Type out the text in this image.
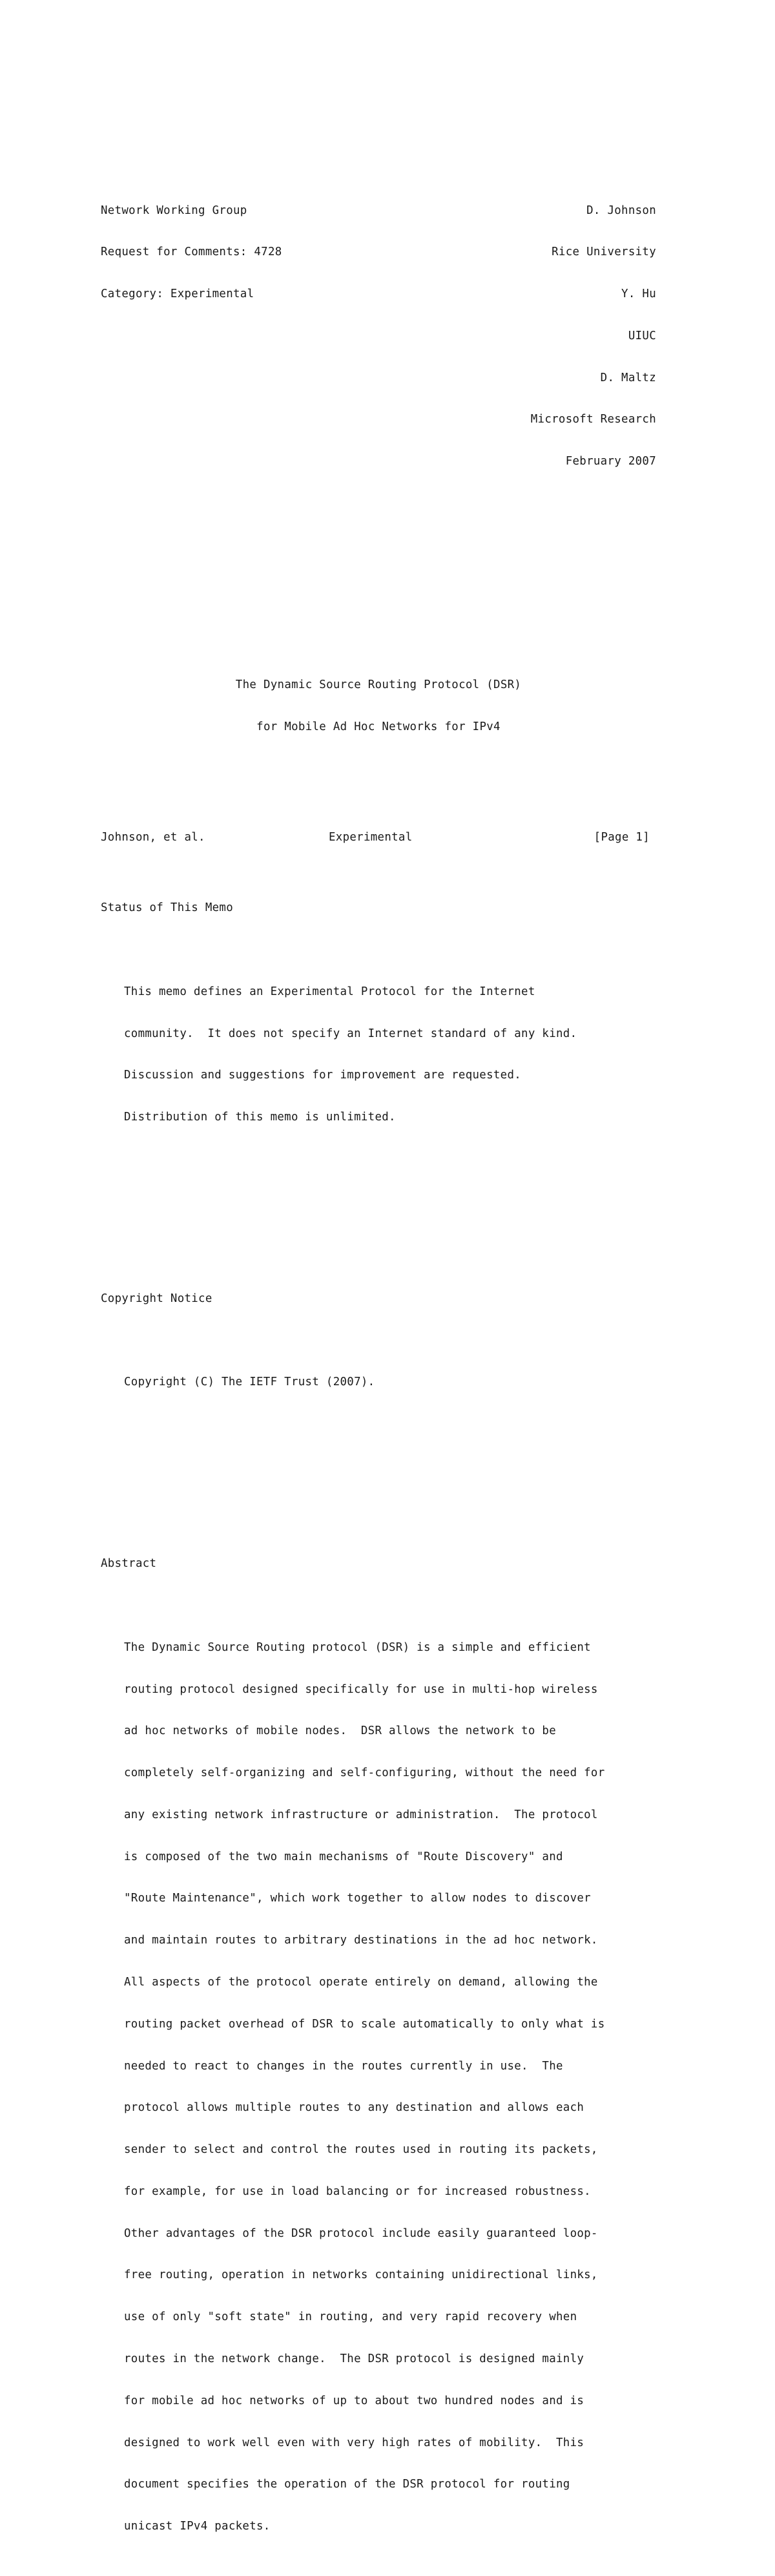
Network Working Group	D. Johnson

Request for Comments: 4728	Rice University

Category: Experimental	Y. Hu

UIUC

D. Maltz

Microsoft Research

February 2007

The Dynamic Source Routing Protocol (DSR)

for Mobile Ad Hoc Networks for IPv4

Status of This Memo

This memo defines an Experimental Protocol for the Internet

community.  It does not specify an Internet standard of any kind.

Discussion and suggestions for improvement are requested.

Distribution of this memo is unlimited.

Copyright Notice

Copyright (C) The IETF Trust (2007).

Abstract

The Dynamic Source Routing protocol (DSR) is a simple and efficient

routing protocol designed specifically for use in multi-hop wireless

ad hoc networks of mobile nodes.  DSR allows the network to be

completely self-organizing and self-configuring, without the need for

any existing network infrastructure or administration.  The protocol

is composed of the two main mechanisms of "Route Discovery" and

"Route Maintenance", which work together to allow nodes to discover

and maintain routes to arbitrary destinations in the ad hoc network.

All aspects of the protocol operate entirely on demand, allowing the

routing packet overhead of DSR to scale automatically to only what is

needed to react to changes in the routes currently in use.  The

protocol allows multiple routes to any destination and allows each

sender to select and control the routes used in routing its packets,

for example, for use in load balancing or for increased robustness.

Other advantages of the DSR protocol include easily guaranteed loop-

free routing, operation in networks containing unidirectional links,

use of only "soft state" in routing, and very rapid recovery when

routes in the network change.  The DSR protocol is designed mainly

for mobile ad hoc networks of up to about two hundred nodes and is

designed to work well even with very high rates of mobility.  This

document specifies the operation of the DSR protocol for routing

unicast IPv4 packets.

Johnson, et al.	Experimental	[Page 1]
